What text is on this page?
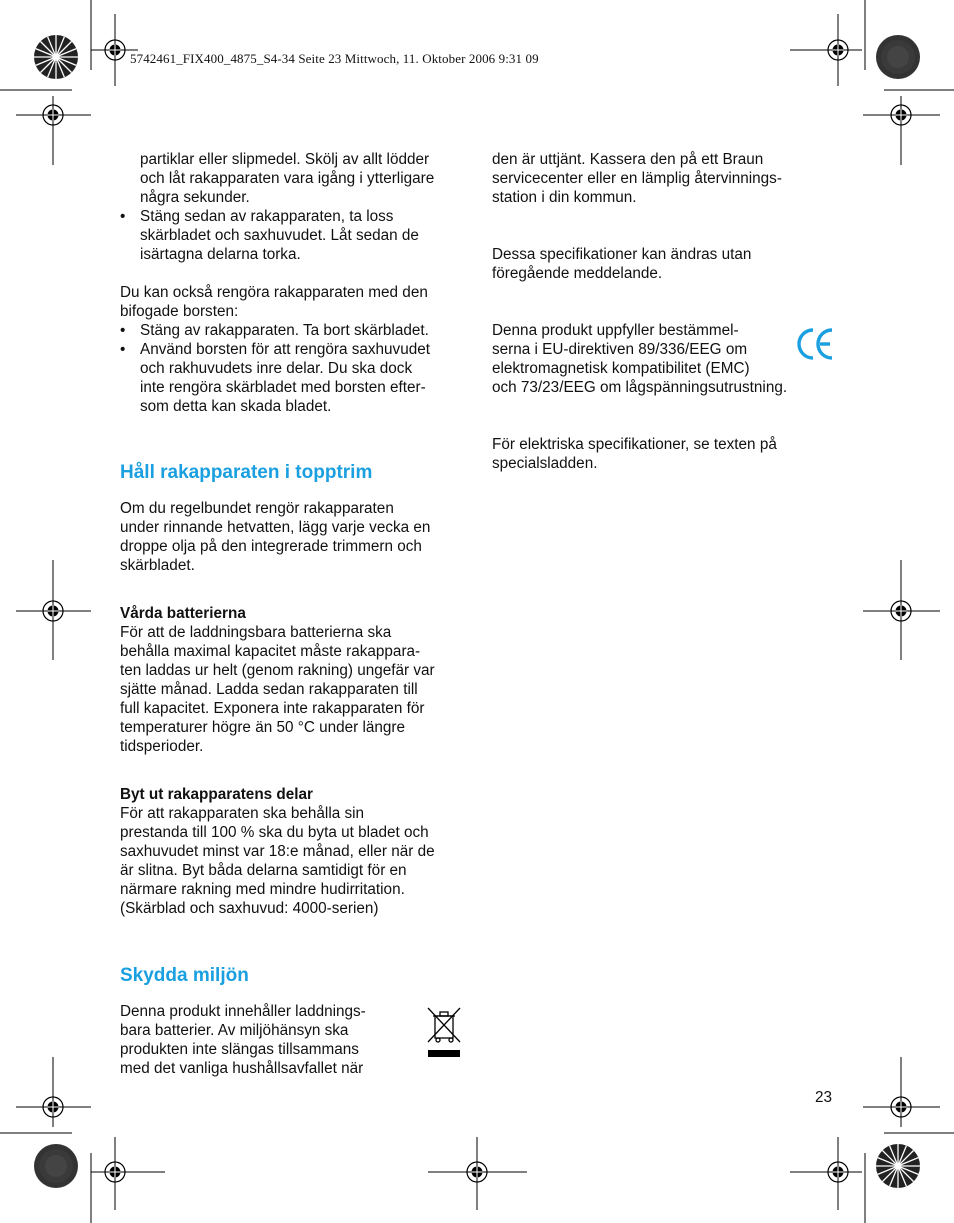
5742461_FIX400_4875_S4-34 Seite 23 Mittwoch, 11. Oktober 2006 9:31 09
partiklar eller slipmedel. Skölj av allt lödder
och låt rakapparaten vara igång i ytterligare
några sekunder.
• Stäng sedan av rakapparaten, ta loss
skärbladet och saxhuvudet. Låt sedan de
isärtagna delarna torka.
Du kan också rengöra rakapparaten med den
bifogade borsten:
• Stäng av rakapparaten. Ta bort skärbladet.
• Använd borsten för att rengöra saxhuvudet
och rakhuvudets inre delar. Du ska dock
inte rengöra skärbladet med borsten efter-
som detta kan skada bladet.
Håll rakapparaten i topptrim
Om du regelbundet rengör rakapparaten
under rinnande hetvatten, lägg varje vecka en
droppe olja på den integrerade trimmern och
skärbladet.
Vårda batterierna
För att de laddningsbara batterierna ska
behålla maximal kapacitet måste rakappara-
ten laddas ur helt (genom rakning) ungefär var
sjätte månad. Ladda sedan rakapparaten till
full kapacitet. Exponera inte rakapparaten för
temperaturer högre än 50 °C under längre
tidsperioder.
Byt ut rakapparatens delar
För att rakapparaten ska behålla sin
prestanda till 100 % ska du byta ut bladet och
saxhuvudet minst var 18:e månad, eller när de
är slitna. Byt båda delarna samtidigt för en
närmare rakning med mindre hudirritation.
(Skärblad och saxhuvud: 4000-serien)
Skydda miljön
Denna produkt innehåller laddnings-
bara batterier. Av miljöhänsyn ska
produkten inte slängas tillsammans
med det vanliga hushållsavfallet när
den är uttjänt. Kassera den på ett Braun
servicecenter eller en lämplig återvinnings-
station i din kommun.
Dessa specifikationer kan ändras utan
föregående meddelande.
Denna produkt uppfyller bestämmel-
serna i EU-direktiven 89/336/EEG om
elektromagnetisk kompatibilitet (EMC)
och 73/23/EEG om lågspänningsutrustning.
För elektriska specifikationer, se texten på
specialsladden.
23
